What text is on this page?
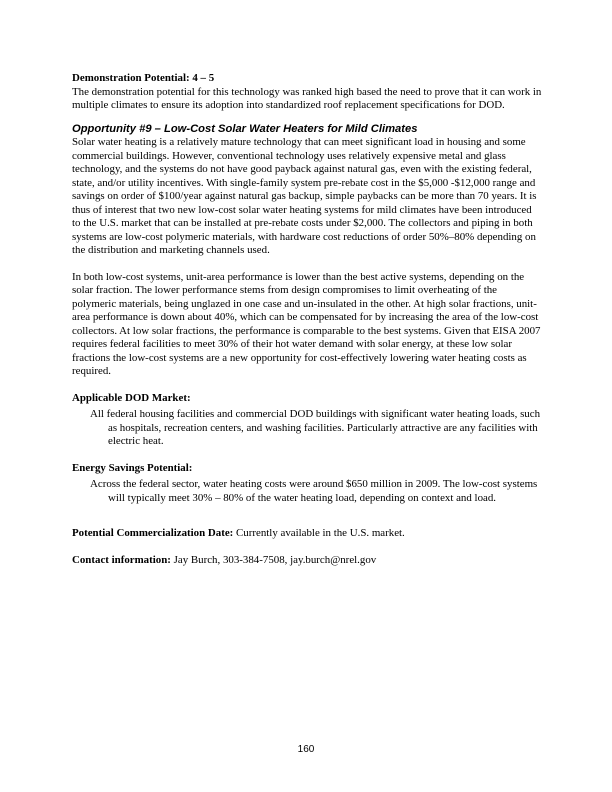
Demonstration Potential: 4 – 5

The demonstration potential for this technology was ranked high based the need to prove that it can work in multiple climates to ensure its adoption into standardized roof replacement specifications for DOD.

Opportunity #9 – Low-Cost Solar Water Heaters for Mild Climates

Solar water heating is a relatively mature technology that can meet significant load in housing and some commercial buildings. However, conventional technology uses relatively expensive metal and glass technology, and the systems do not have good payback against natural gas, even with the existing federal, state, and/or utility incentives. With single-family system pre-rebate cost in the $5,000 -$12,000 range and savings on order of $100/year against natural gas backup, simple paybacks can be more than 70 years. It is thus of interest that two new low-cost solar water heating systems for mild climates have been introduced to the U.S. market that can be installed at pre-rebate costs under $2,000. The collectors and piping in both systems are low-cost polymeric materials, with hardware cost reductions of order 50%–80% depending on the distribution and marketing channels used.

In both low-cost systems, unit-area performance is lower than the best active systems, depending on the solar fraction. The lower performance stems from design compromises to limit overheating of the polymeric materials, being unglazed in one case and un-insulated in the other. At high solar fractions, unit-area performance is down about 40%, which can be compensated for by increasing the area of the low-cost collectors. At low solar fractions, the performance is comparable to the best systems. Given that EISA 2007 requires federal facilities to meet 30% of their hot water demand with solar energy, at these low solar fractions the low-cost systems are a new opportunity for cost-effectively lowering water heating costs as required.

Applicable DOD Market:

All federal housing facilities and commercial DOD buildings with significant water heating loads, such as hospitals, recreation centers, and washing facilities. Particularly attractive are any facilities with electric heat.

Energy Savings Potential:

Across the federal sector, water heating costs were around $650 million in 2009. The low-cost systems will typically meet 30% – 80% of the water heating load, depending on context and load.

Potential Commercialization Date: Currently available in the U.S. market.

Contact information: Jay Burch, 303-384-7508, jay.burch@nrel.gov

160
